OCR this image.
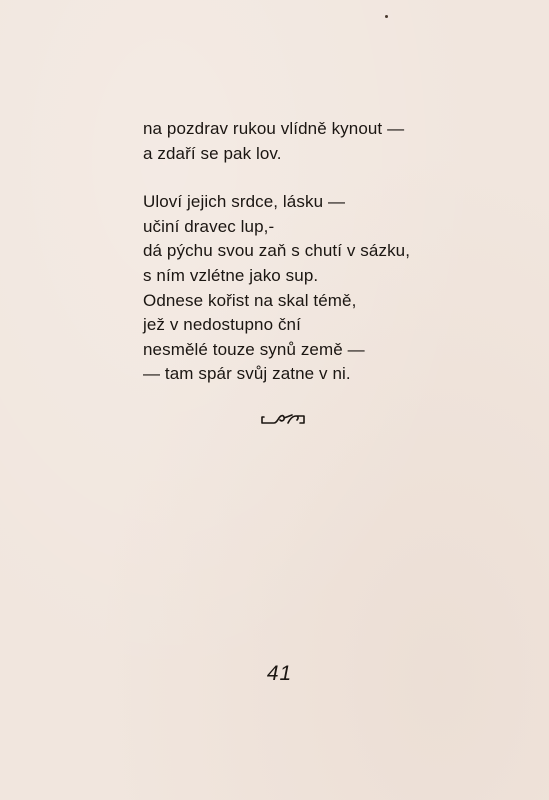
na pozdrav rukou vlídně kynout —
a zdaří se pak lov.
Uloví jejich srdce, lásku —
učiní dravec lup,-
dá pýchu svou zaň s chutí v sázku,
s ním vzlétne jako sup.
Odnese kořist na skal témě,
jež v nedostupno ční
nesmělé touze synů země —
— tam spár svůj zatne v ni.
41
